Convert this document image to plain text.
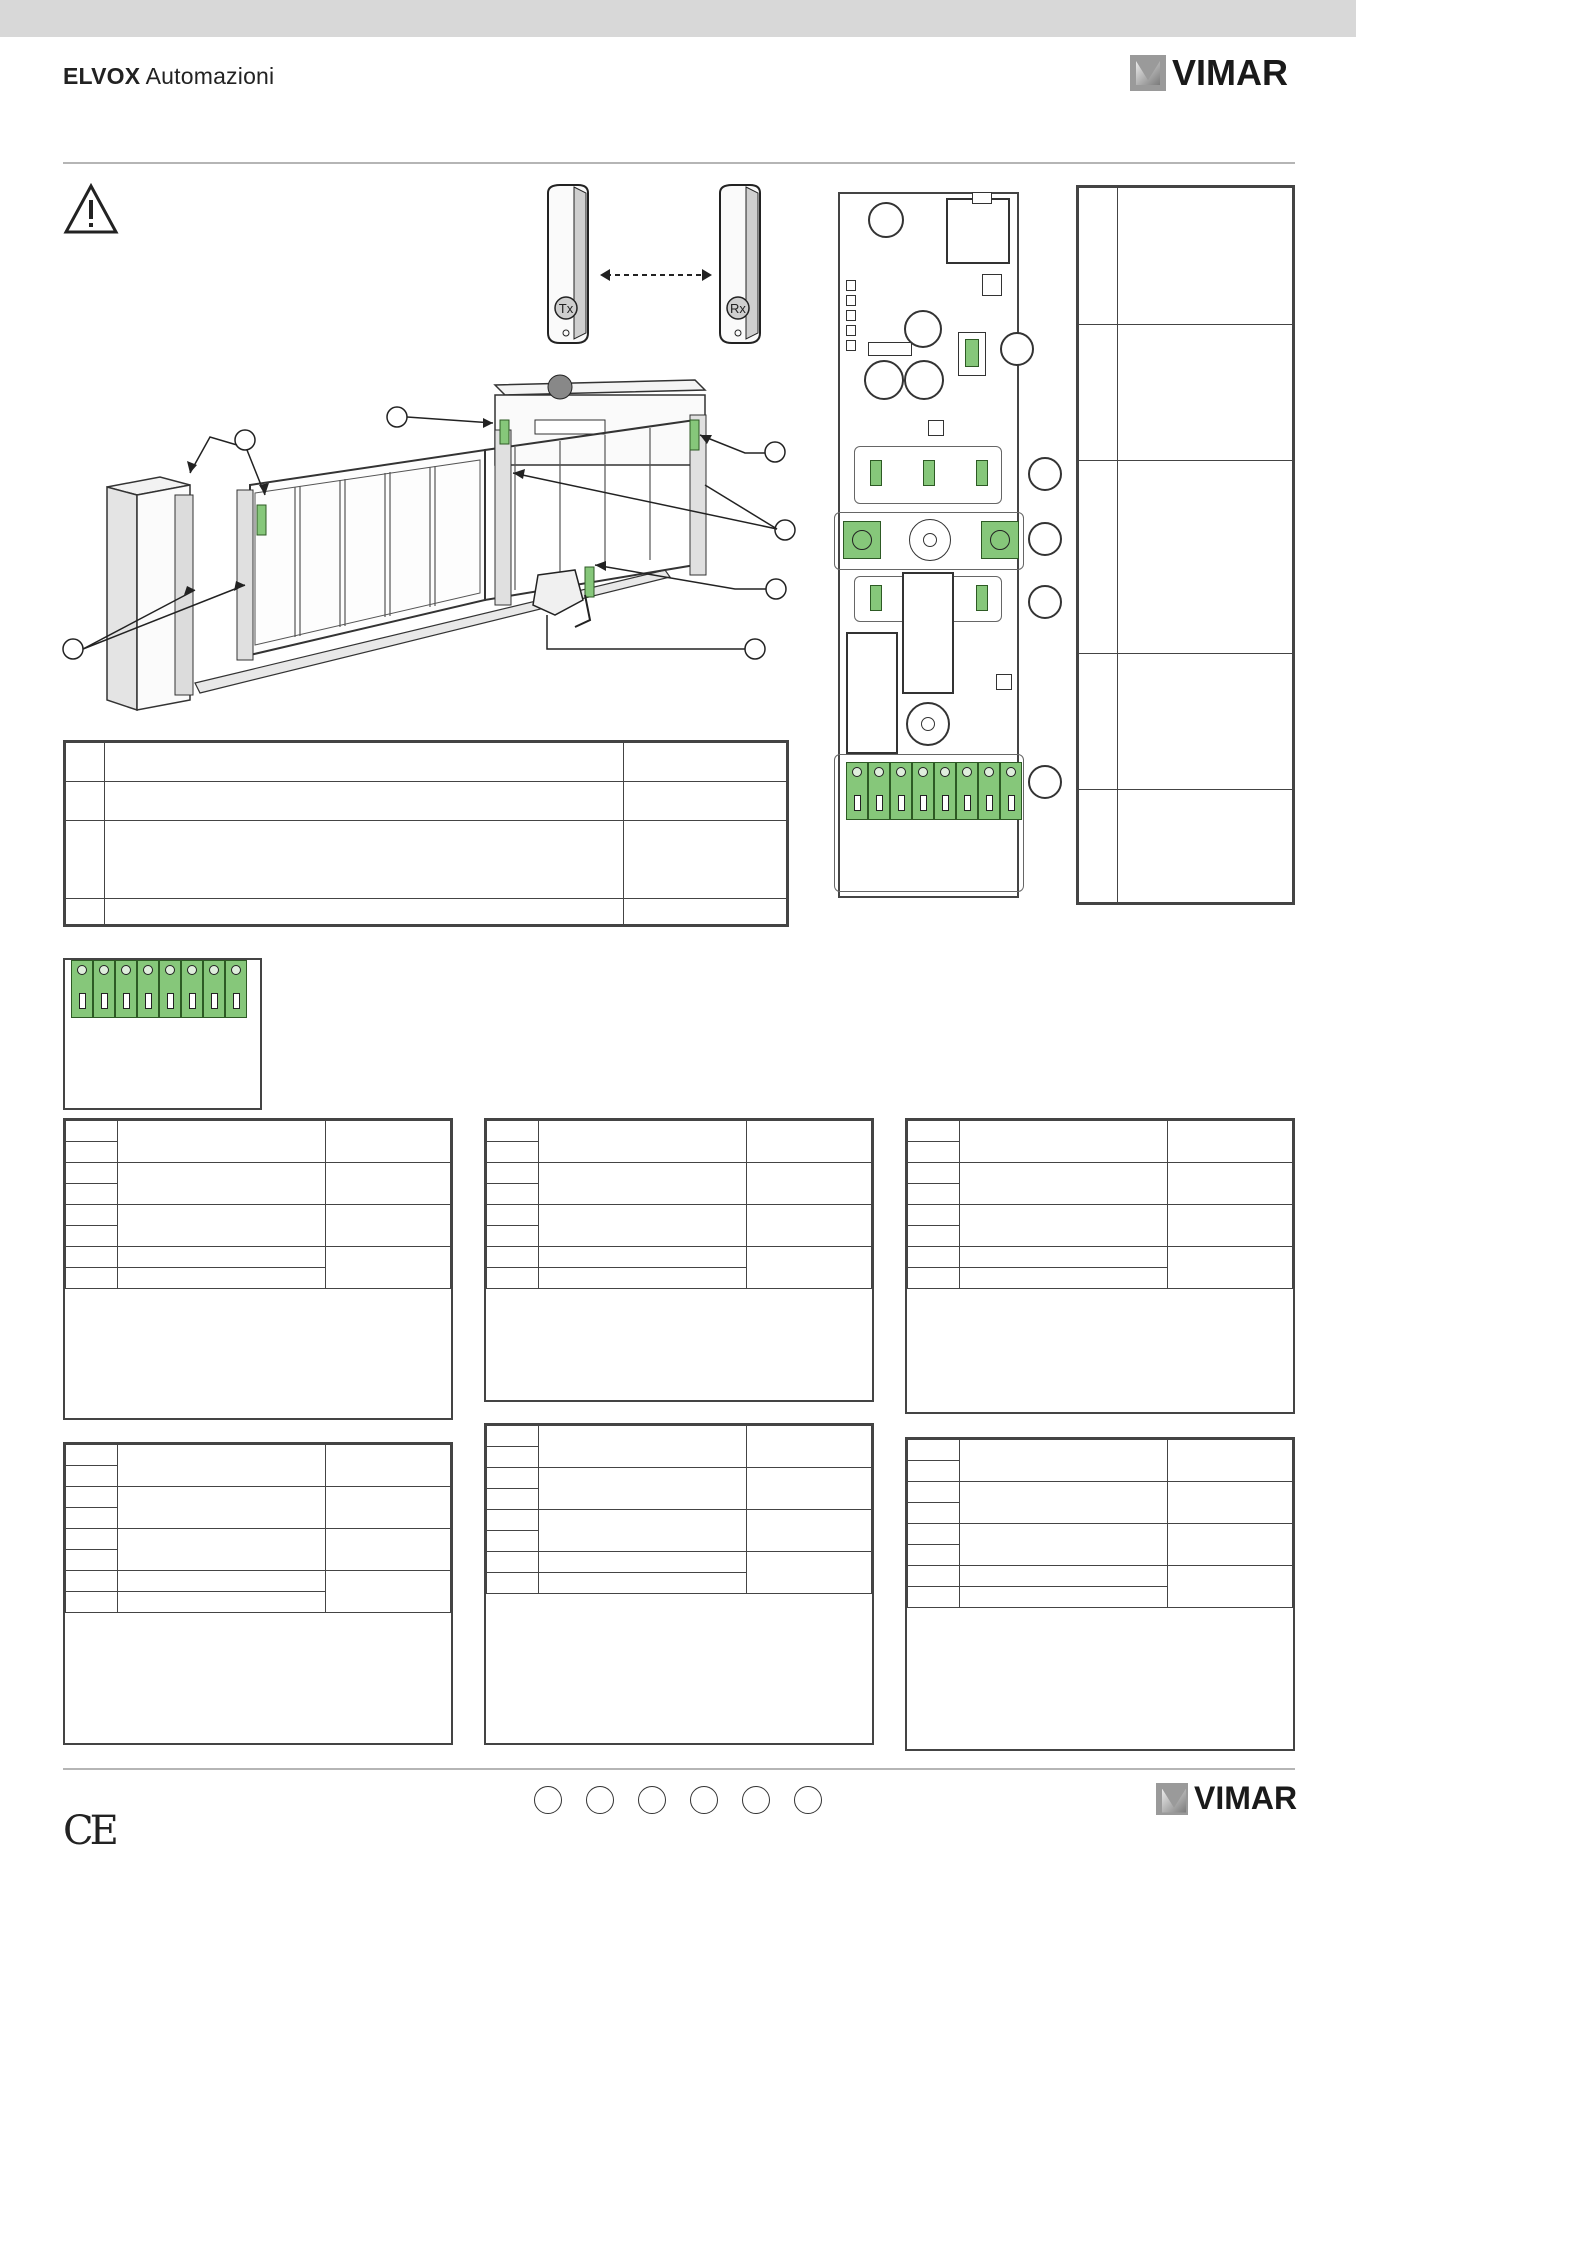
ELVOX Automazioni	VIMAR
Tx	Rx
VIMAR
CE
